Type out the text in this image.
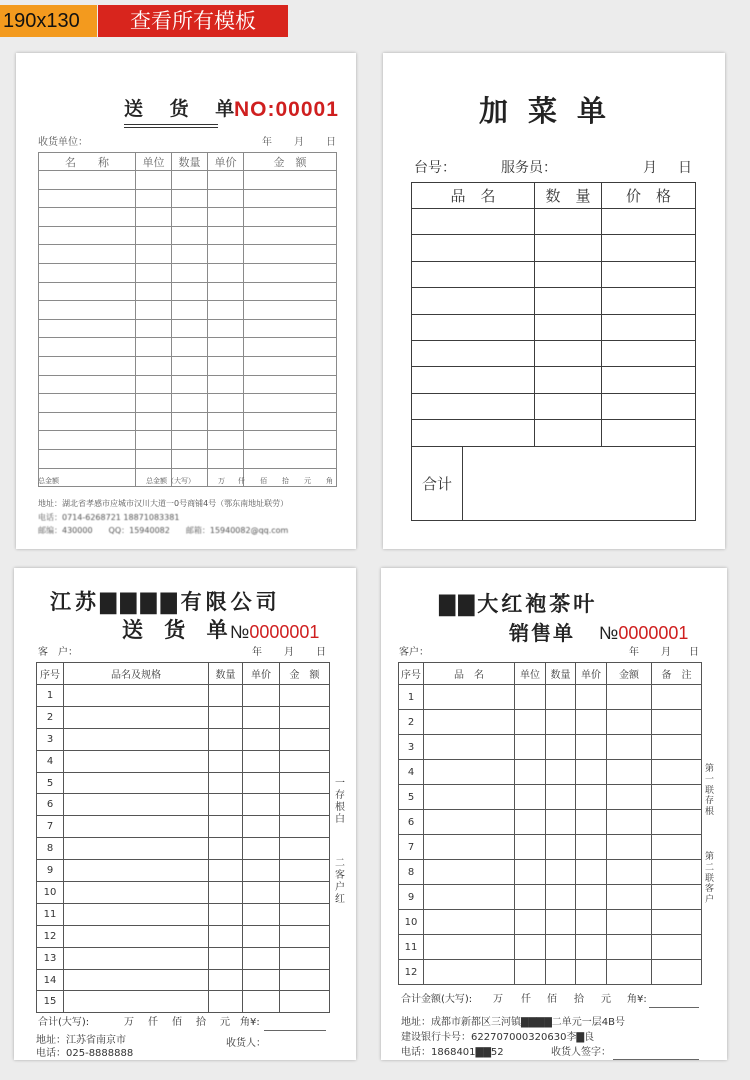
190x130	查看所有模板
送 货 单
NO:00001
收货单位：	年 月 日
名　　称	单位	数量	单价	金　额

总金额	总金额（大写）	万 仟 佰 拾 元 角
地址：湖北省孝感市应城市汉川大道一0号商铺4号（鄂东南地址联劳）
电话：0714-6268721 18871083381
邮编：430000　　QQ：15940082　　邮箱：15940082@qq.com
加菜单
台号：	服务员：	月 日
品　名		数　量	价　格

合计			
江苏▇▇▇▇有限公司
送 货 单
№0000001
客　户：	年 月 日
序号	品名及规格	数量	单价	金　额
1				
2				
3				
4				
5				
6				
7				
8				
9				
10				
11				
12				
13				
14				
15				
一
存
根
白
二
客
户
红
合计(大写):	万 仟 佰 拾 元 角¥:
地址：江苏省南京市
电话：025-8888888
收货人：
▇▇大红袍茶叶
销售单 №0000001
客户：	年 月 日
序号	品　名	单位	数量	单价	金额	备　注
1						
2						
3						
4						
5						
6						
7						
8						
9						
10						
11						
12						
第
一
联
存
根
第
二
联
客
户
合计金额(大写): 万 仟 佰 拾 元 角¥:
地址：成都市新都区三河镇▇▇▇▇二单元一层4B号
建设银行卡号：622707000320630李▇良
电话：1868401▇▇52	收货人签字：
